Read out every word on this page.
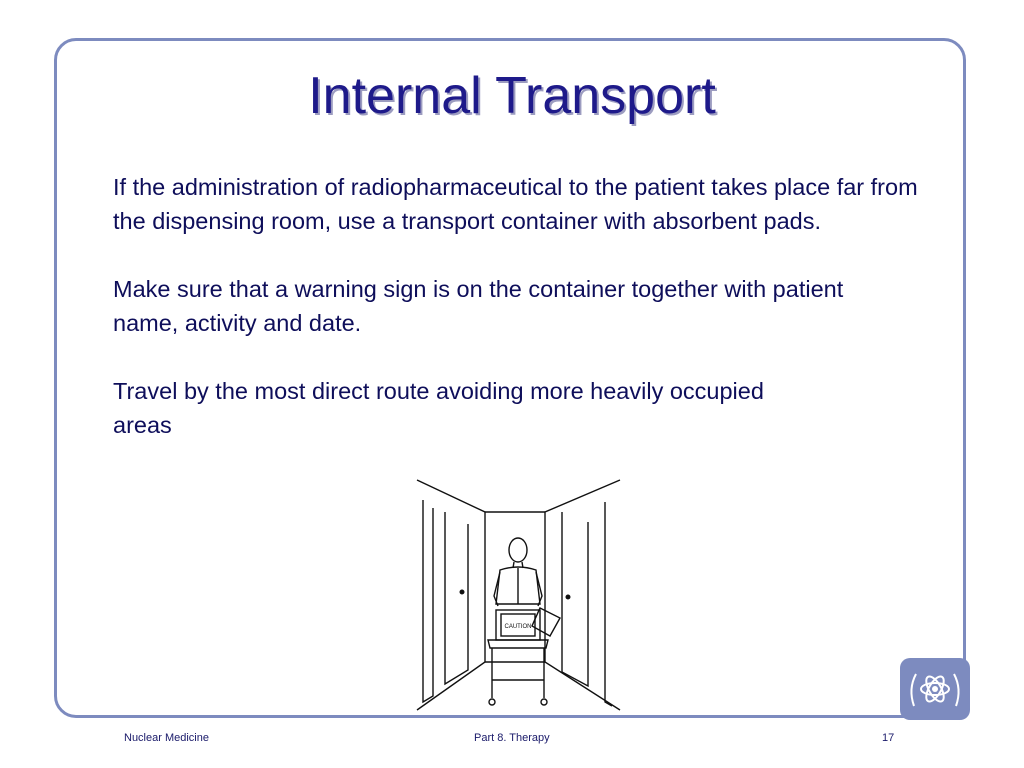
Internal Transport

If the administration of radiopharmaceutical to the patient takes place far from the dispensing room, use a transport container with absorbent pads.

Make sure that a warning sign is on the container together with patient name, activity and date.

Travel by the most direct route avoiding more heavily occupied areas

CAUTION
Nuclear Medicine	Part 8. Therapy	17
